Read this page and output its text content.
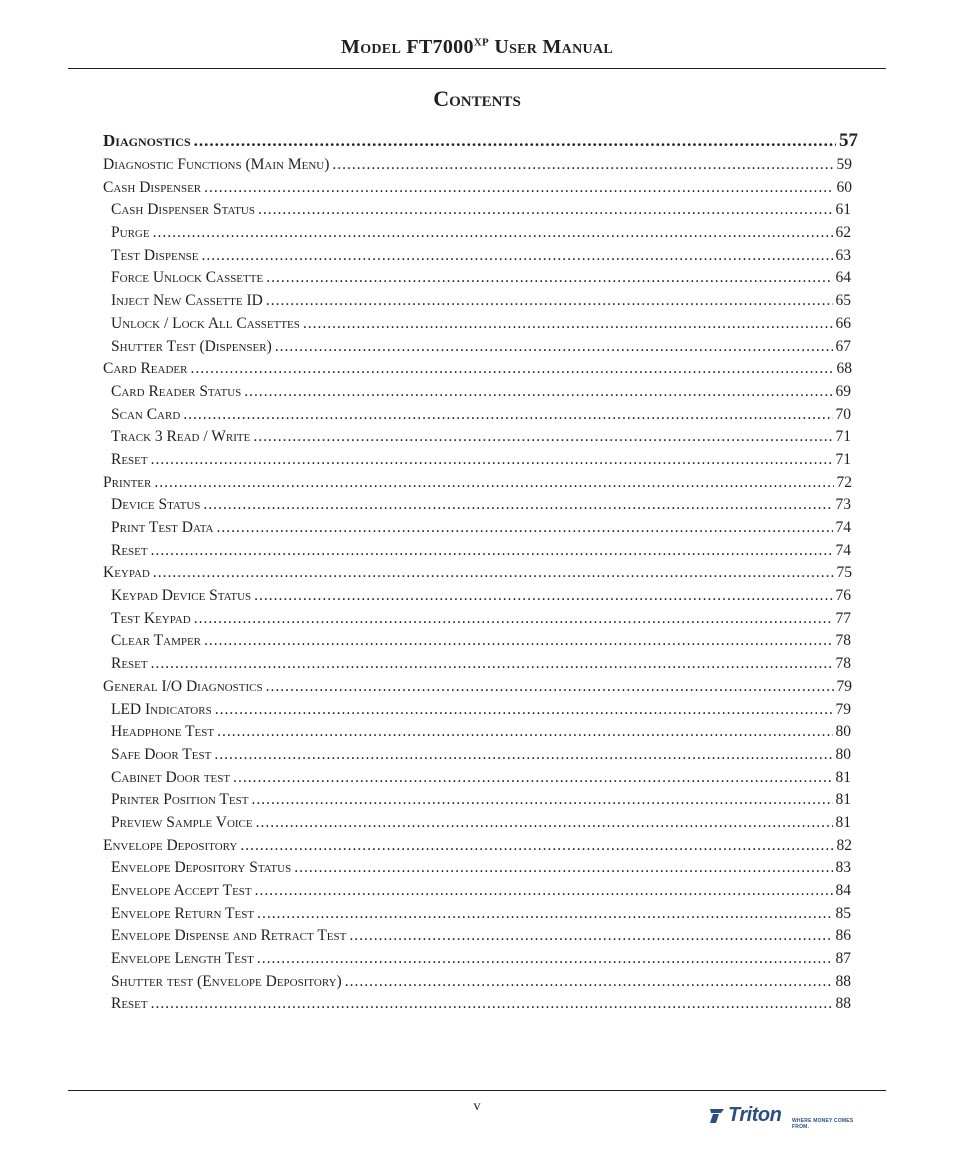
Model $FT7000^{XP}$ User Manual
Contents
Diagnostics .....	57
Diagnostic Functions (Main Menu) .....	59
Cash Dispenser .....	60
Cash Dispenser Status .....	61
Purge .....	62
Test Dispense .....	63
Force Unlock Cassette .....	64
Inject New Cassette ID .....	65
Unlock / Lock All Cassettes .....	66
Shutter Test (Dispenser) .....	67
Card Reader .....	68
Card Reader Status .....	69
Scan Card .....	70
Track 3 Read / Write .....	71
Reset .....	71
Printer .....	72
Device Status .....	73
Print Test Data .....	74
Reset .....	74
Keypad .....	75
Keypad Device Status .....	76
Test Keypad .....	77
Clear Tamper .....	78
Reset .....	78
General I/O Diagnostics .....	79
LED Indicators .....	79
Headphone Test .....	80
Safe Door Test .....	80
Cabinet Door test .....	81
Printer Position Test .....	81
Preview Sample Voice .....	81
Envelope Depository .....	82
Envelope Depository Status .....	83
Envelope Accept Test .....	84
Envelope Return Test .....	85
Envelope Dispense and Retract Test .....	86
Envelope Length Test .....	87
Shutter test (Envelope Depository) .....	88
Reset .....	88
v	Triton WHERE MONEY COMES FROM.
